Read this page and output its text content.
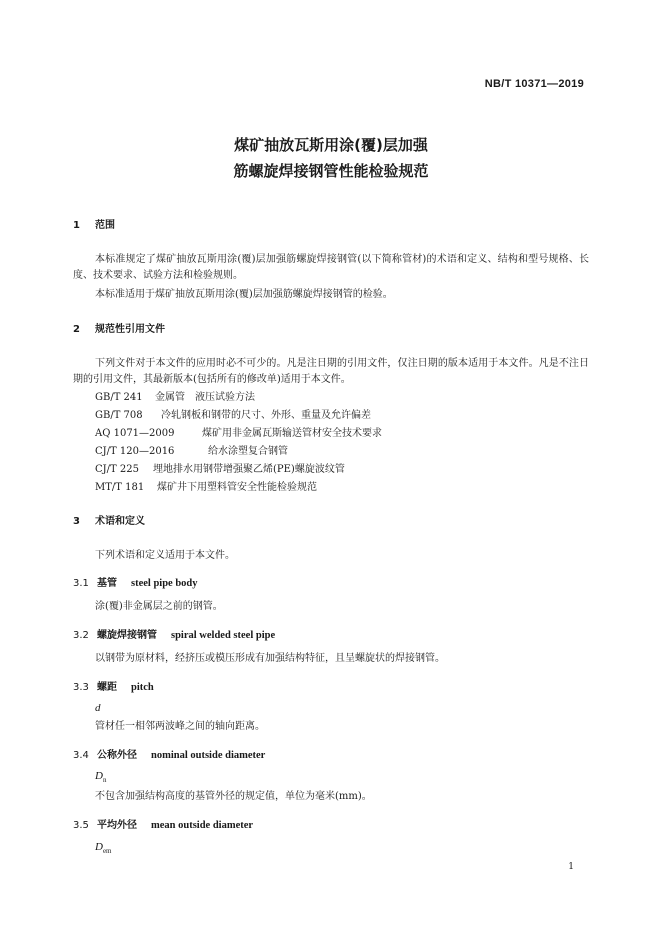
NB/T 10371—2019
煤矿抽放瓦斯用涂(覆)层加强
筋螺旋焊接钢管性能检验规范
1 范围
本标准规定了煤矿抽放瓦斯用涂(覆)层加强筋螺旋焊接钢管(以下简称管材)的术语和定义、结构和型号规格、长度、技术要求、试验方法和检验规则。
本标准适用于煤矿抽放瓦斯用涂(覆)层加强筋螺旋焊接钢管的检验。
2 规范性引用文件
下列文件对于本文件的应用时必不可少的。凡是注日期的引用文件，仅注日期的版本适用于本文件。凡是不注日期的引用文件，其最新版本(包括所有的修改单)适用于本文件。
GB/T 241 金属管　液压试验方法
GB/T 708 冷轧钢板和钢带的尺寸、外形、重量及允许偏差
AQ 1071—2009	煤矿用非金属瓦斯输送管材安全技术要求
CJ/T 120—2016	给水涂塑复合钢管
CJ/T 225 埋地排水用钢带增强聚乙烯(PE)螺旋波纹管
MT/T 181 煤矿井下用塑料管安全性能检验规范
3 术语和定义
下列术语和定义适用于本文件。
3.1 基管 steel pipe body
涂(覆)非金属层之前的钢管。
3.2 螺旋焊接钢管 spiral welded steel pipe
以钢带为原材料，经挤压或模压形成有加强结构特征，且呈螺旋状的焊接钢管。
3.3 螺距 pitch
d
管材任一相邻两波峰之间的轴向距离。
3.4 公称外径 nominal outside diameter
$D_n$
不包含加强结构高度的基管外径的规定值，单位为毫米(mm)。
3.5 平均外径 mean outside diameter
$D_{em}$
1
